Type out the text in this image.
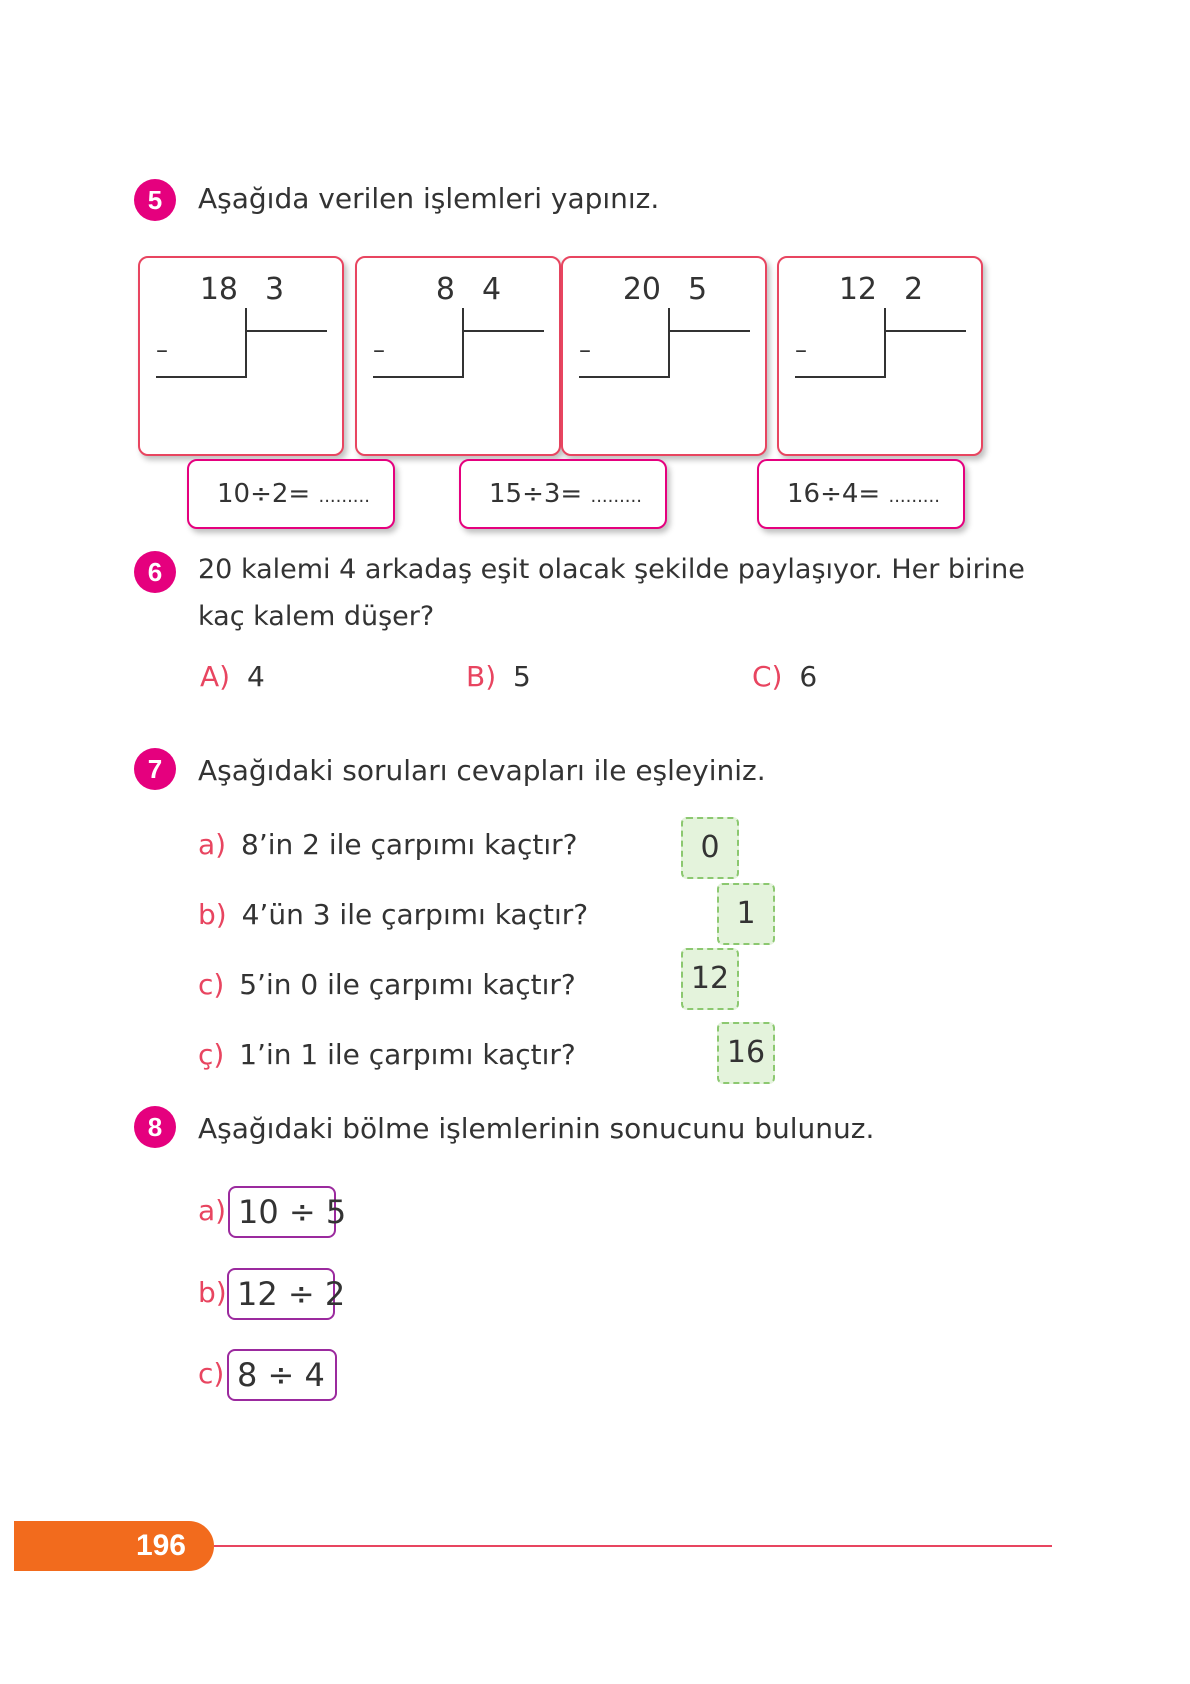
5	Aşağıda verilen işlemleri yapınız.
18 3
–
8 4
–
20 5
–
12 2
–
10÷2= .........	15÷3= .........	16÷4= .........
6	20 kalemi 4 arkadaş eşit olacak şekilde paylaşıyor. Her birine
kaç kalem düşer?
A) 4	B) 5	C) 6
7	Aşağıdaki soruları cevapları ile eşleyiniz.
a) 8’in 2 ile çarpımı kaçtır?
b) 4’ün 3 ile çarpımı kaçtır?
c) 5’in 0 ile çarpımı kaçtır?
ç) 1’in 1 ile çarpımı kaçtır?
0
1
12
16
8	Aşağıdaki bölme işlemlerinin sonucunu bulunuz.
a) 10 ÷ 5
b) 12 ÷ 2
c) 8 ÷ 4
196
